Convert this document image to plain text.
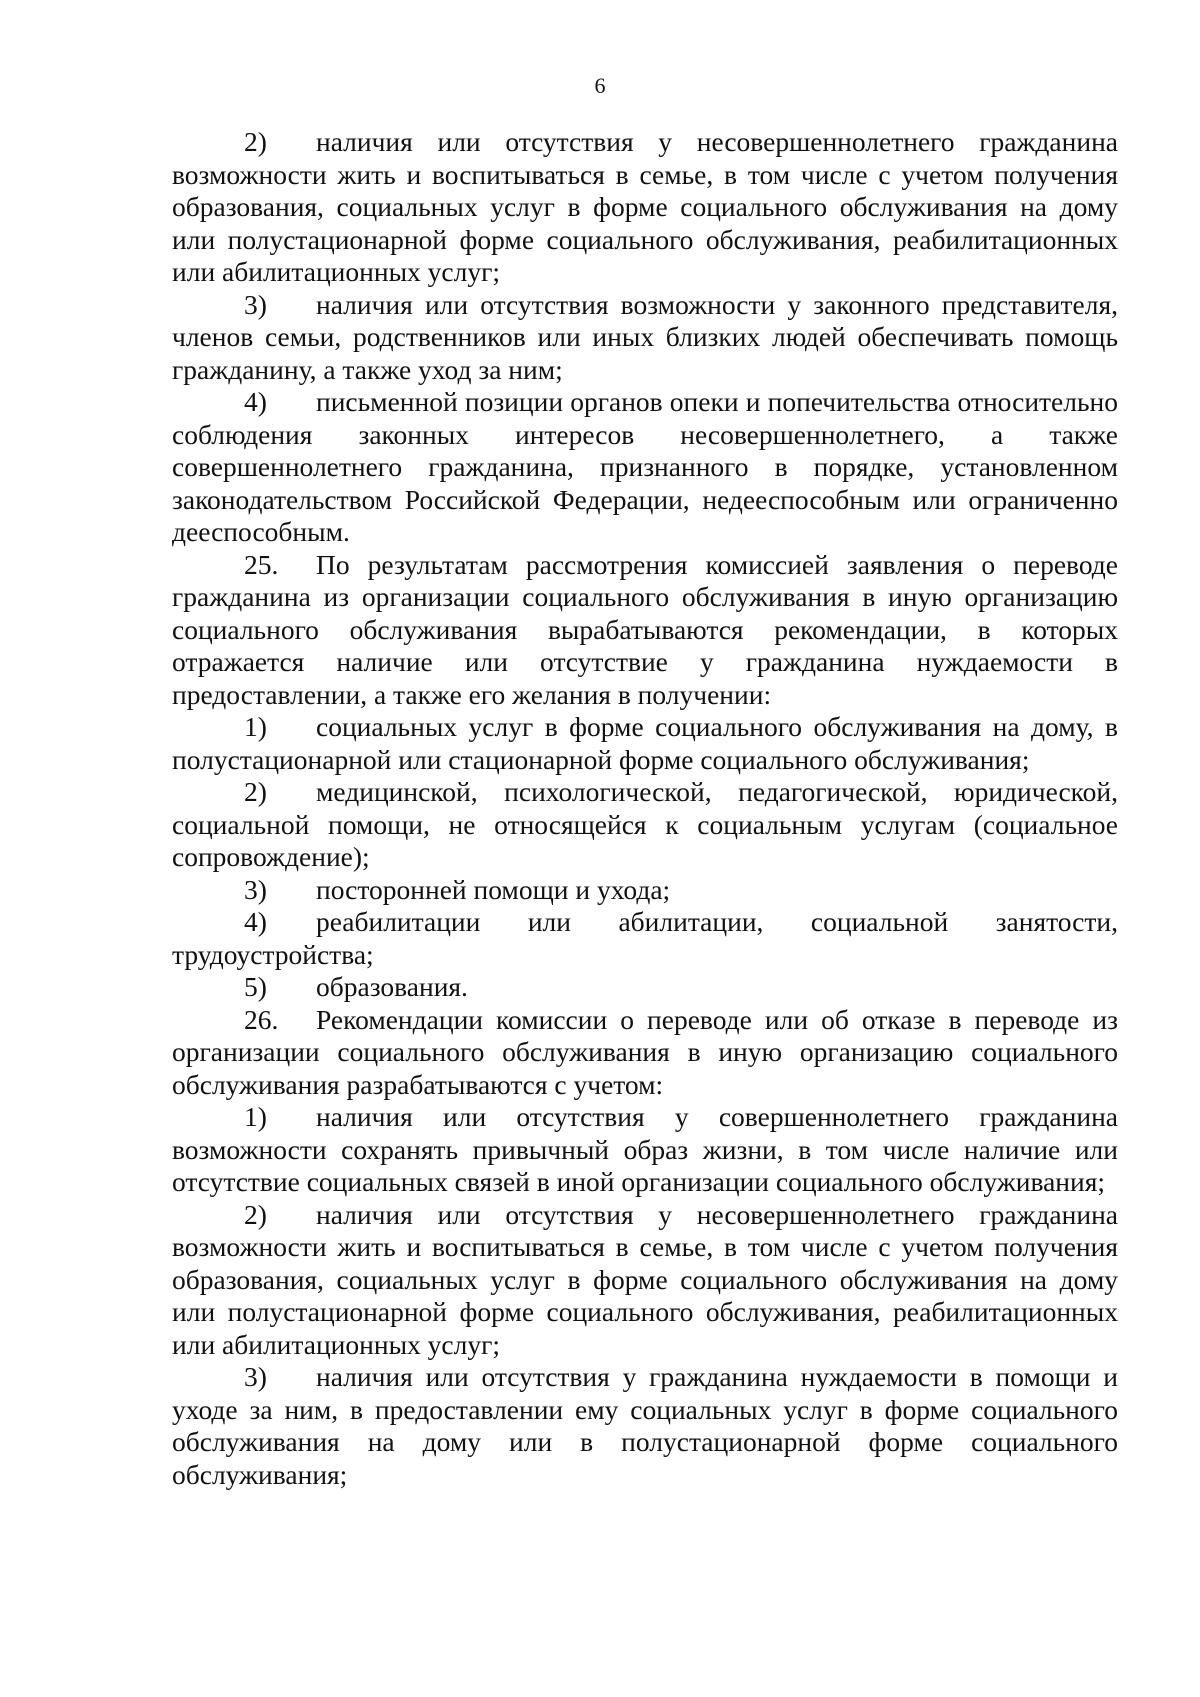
6

2) наличия или отсутствия у несовершеннолетнего гражданина возможности жить и воспитываться в семье, в том числе с учетом получения образования, социальных услуг в форме социального обслуживания на дому или полустационарной форме социального обслуживания, реабилитационных или абилитационных услуг;

3) наличия или отсутствия возможности у законного представителя, членов семьи, родственников или иных близких людей обеспечивать помощь гражданину, а также уход за ним;

4) письменной позиции органов опеки и попечительства относительно соблюдения законных интересов несовершеннолетнего, а также совершеннолетнего гражданина, признанного в порядке, установленном законодательством Российской Федерации, недееспособным или ограниченно дееспособным.

25. По результатам рассмотрения комиссией заявления о переводе гражданина из организации социального обслуживания в иную организацию социального обслуживания вырабатываются рекомендации, в которых отражается наличие или отсутствие у гражданина нуждаемости в предоставлении, а также его желания в получении:

1) социальных услуг в форме социального обслуживания на дому, в полустационарной или стационарной форме социального обслуживания;

2) медицинской, психологической, педагогической, юридической, социальной помощи, не относящейся к социальным услугам (социальное сопровождение);

3) посторонней помощи и ухода;

4) реабилитации или абилитации, социальной занятости, трудоустройства;

5) образования.

26. Рекомендации комиссии о переводе или об отказе в переводе из организации социального обслуживания в иную организацию социального обслуживания разрабатываются с учетом:

1) наличия или отсутствия у совершеннолетнего гражданина возможности сохранять привычный образ жизни, в том числе наличие или отсутствие социальных связей в иной организации социального обслуживания;

2) наличия или отсутствия у несовершеннолетнего гражданина возможности жить и воспитываться в семье, в том числе с учетом получения образования, социальных услуг в форме социального обслуживания на дому или полустационарной форме социального обслуживания, реабилитационных или абилитационных услуг;

3) наличия или отсутствия у гражданина нуждаемости в помощи и уходе за ним, в предоставлении ему социальных услуг в форме социального обслуживания на дому или в полустационарной форме социального обслуживания;
